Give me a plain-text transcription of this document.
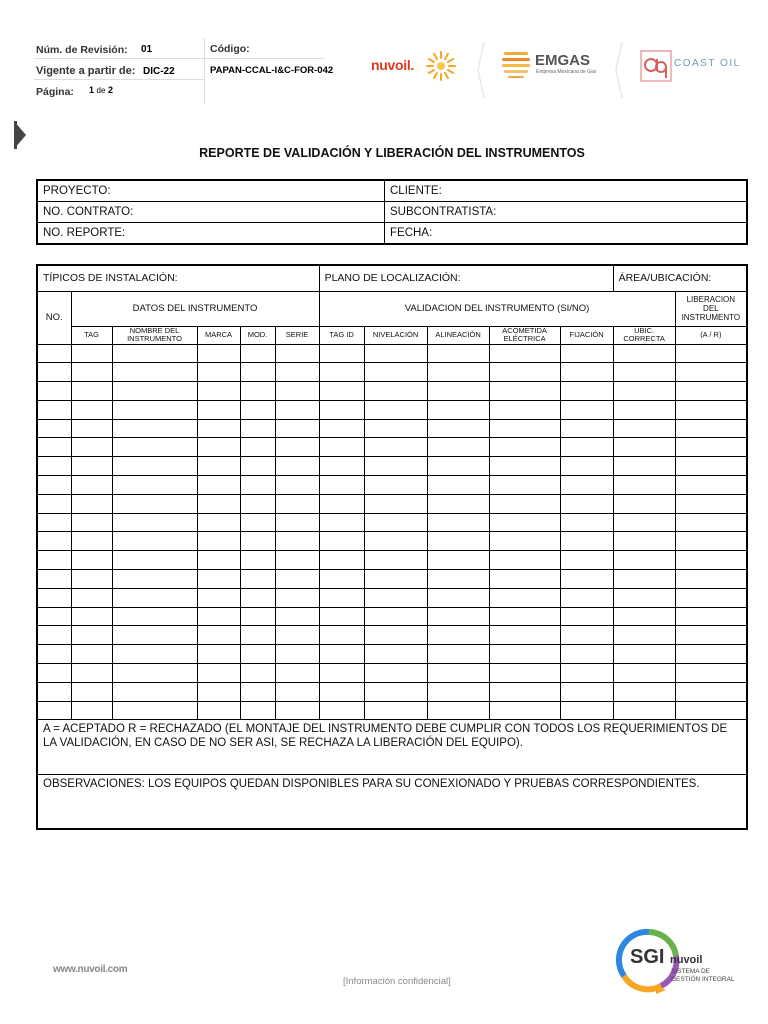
Núm. de Revisión: 01
Vigente a partir de: DIC-22
Página: 1 de 2
Código:
PAPAN-CCAL-I&C-FOR-042	nuvoil.	EMGAS
Empresa Mexicana de Gas
COAST OIL
REPORTE DE VALIDACIÓN Y LIBERACIÓN DEL INSTRUMENTOS
PROYECTO:	CLIENTE:
NO. CONTRATO:	SUBCONTRATISTA:
NO. REPORTE:	FECHA:
TÍPICOS DE INSTALACIÓN:						PLANO DE LOCALIZACIÓN:					ÁREA/UBICACIÓN:	
NO.	DATOS DEL INSTRUMENTO					VALIDACION DEL INSTRUMENTO (SI/NO)						LIBERACION DEL INSTRUMENTO
	TAG	NOMBRE DEL INSTRUMENTO	MARCA	MOD.	SERIE	TAG ID	NIVELACIÓN	ALINEACIÓN	ACOMETIDA ELÉCTRICA	FIJACIÓN	UBIC. CORRECTA	(A / R)

A = ACEPTADO R = RECHAZADO (EL MONTAJE DEL INSTRUMENTO DEBE CUMPLIR CON TODOS LOS REQUERIMIENTOS DE LA VALIDACIÓN, EN CASO DE NO SER ASI, SE RECHAZA LA LIBERACIÓN DEL EQUIPO).												
OBSERVACIONES: LOS EQUIPOS QUEDAN DISPONIBLES PARA SU CONEXIONADO Y PRUEBAS CORRESPONDIENTES.												
www.nuvoil.com
[Información confidencial]
SGI nuvoil
SISTEMA DE
GESTIÓN INTEGRAL
